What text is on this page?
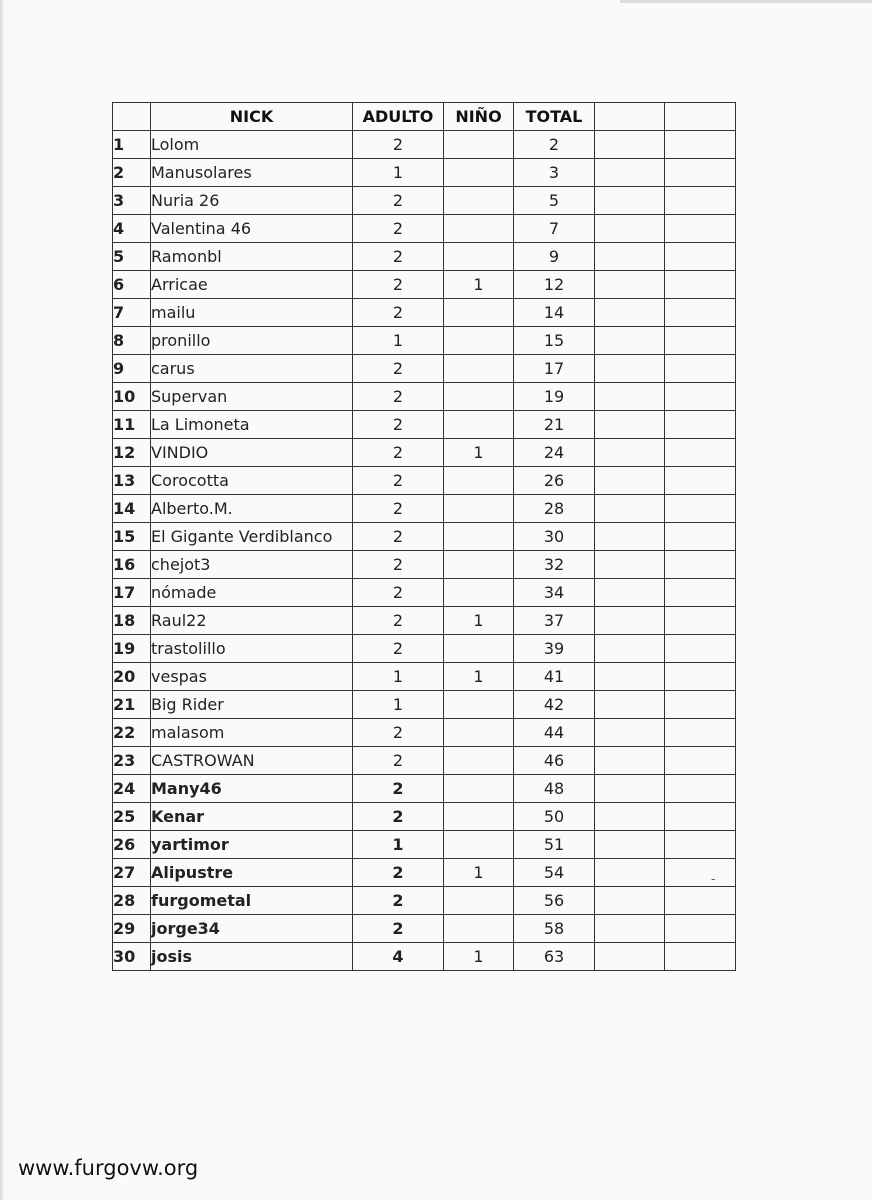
	NICK	ADULTO	NIÑO	TOTAL		
1	Lolom	2		2		
2	Manusolares	1		3		
3	Nuria 26	2		5		
4	Valentina 46	2		7		
5	Ramonbl	2		9		
6	Arricae	2	1	12		
7	mailu	2		14		
8	pronillo	1		15		
9	carus	2		17		
10	Supervan	2		19		
11	La Limoneta	2		21		
12	VINDIO	2	1	24		
13	Corocotta	2		26		
14	Alberto.M.	2		28		
15	El Gigante Verdiblanco	2		30		
16	chejot3	2		32		
17	nómade	2		34		
18	Raul22	2	1	37		
19	trastolillo	2		39		
20	vespas	1	1	41		
21	Big Rider	1		42		
22	malasom	2		44		
23	CASTROWAN	2		46		
24	Many46	2		48		
25	Kenar	2		50		
26	yartimor	1		51		
27	Alipustre	2	1	54		
28	furgometal	2		56		
29	jorge34	2		58		
30	josis	4	1	63		
-
www.furgovw.org
